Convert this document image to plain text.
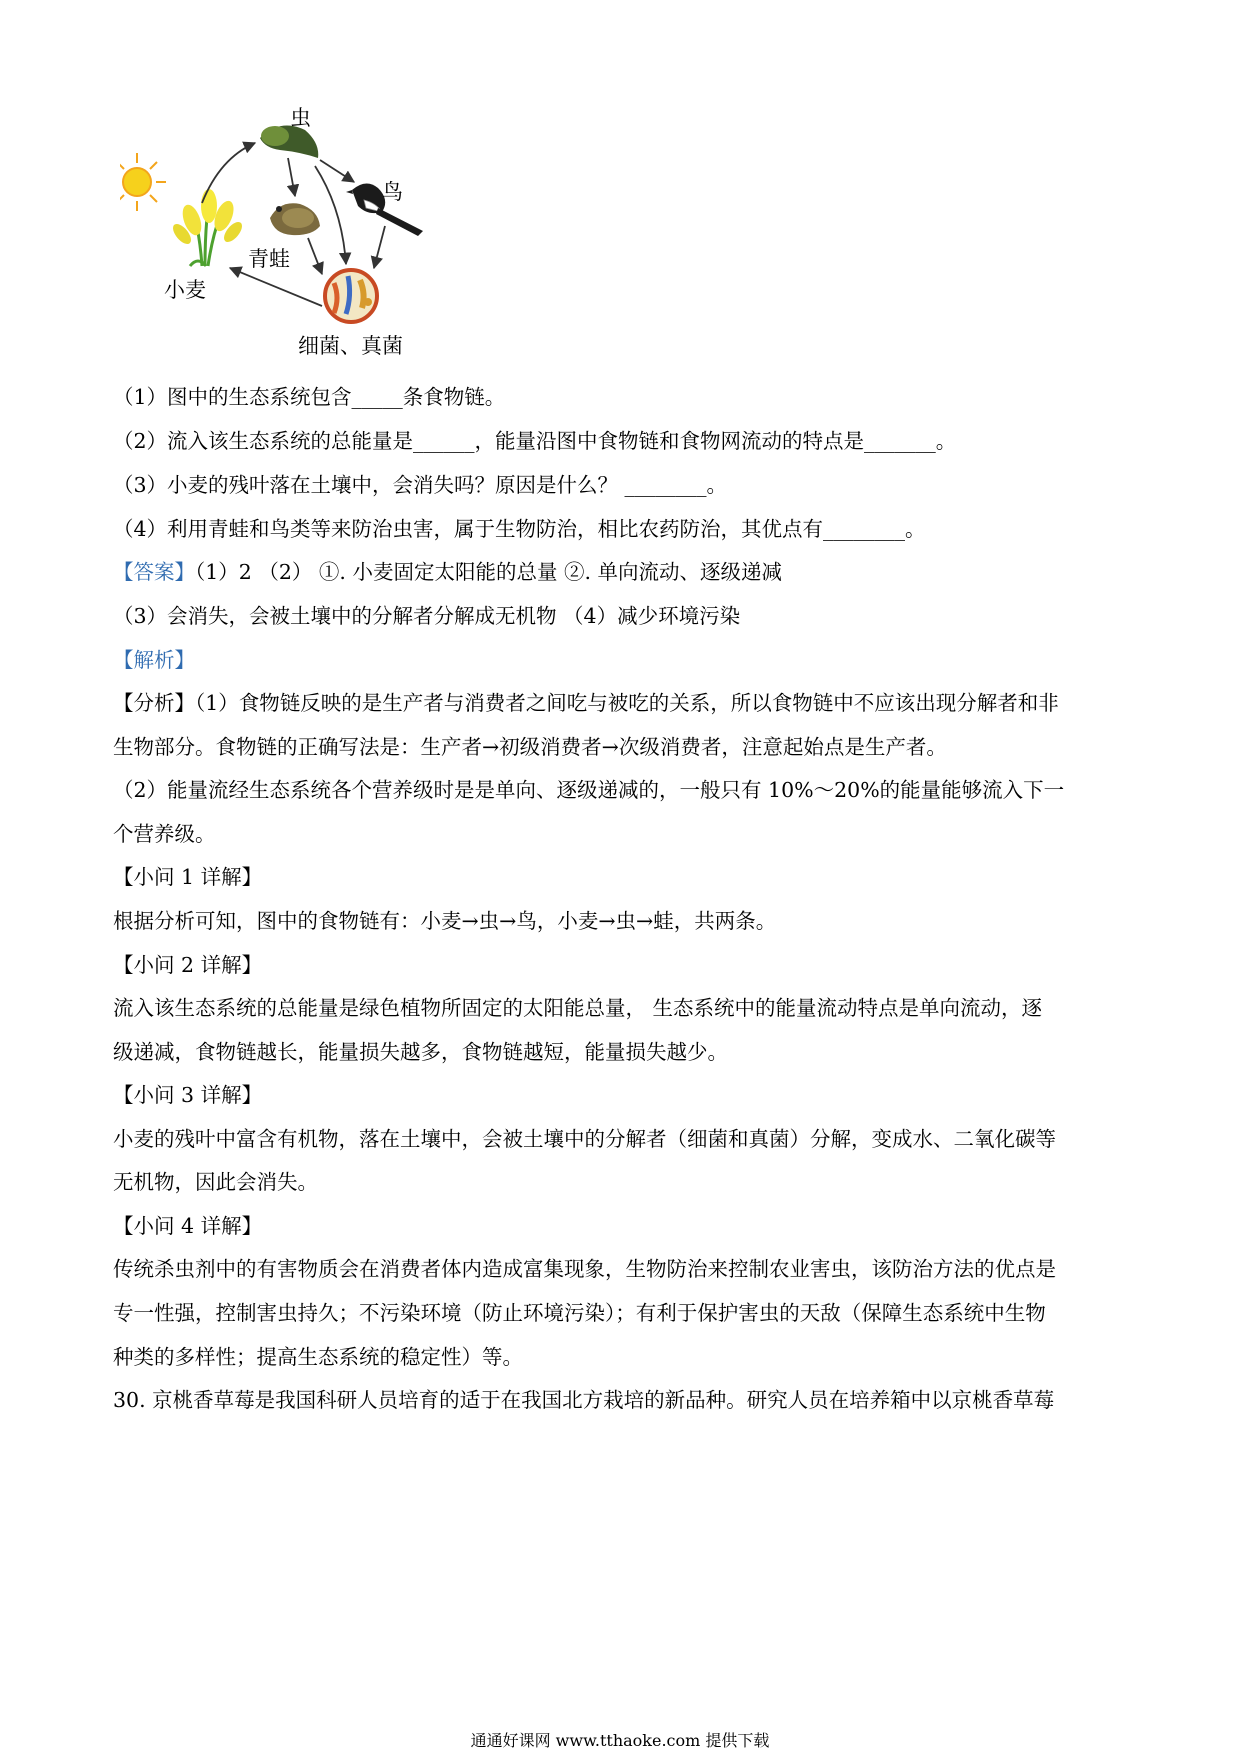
虫
鸟
青蛙
小麦
细菌、真菌
（1）图中的生态系统包含_____条食物链。
（2）流入该生态系统的总能量是______，能量沿图中食物链和食物网流动的特点是_______。
（3）小麦的残叶落在土壤中，会消失吗？原因是什么？ ________。
（4）利用青蛙和鸟类等来防治虫害，属于生物防治，相比农药防治，其优点有________。
【答案】（1）2 （2） ①. 小麦固定太阳能的总量 ②. 单向流动、逐级递减
（3）会消失，会被土壤中的分解者分解成无机物 （4）减少环境污染
【解析】
【分析】（1）食物链反映的是生产者与消费者之间吃与被吃的关系，所以食物链中不应该出现分解者和非
生物部分。食物链的正确写法是：生产者→初级消费者→次级消费者，注意起始点是生产者。
（2）能量流经生态系统各个营养级时是是单向、逐级递减的，一般只有 10%～20%的能量能够流入下一
个营养级。
【小问 1 详解】
根据分析可知，图中的食物链有：小麦→虫→鸟，小麦→虫→蛙，共两条。
【小问 2 详解】
流入该生态系统的总能量是绿色植物所固定的太阳能总量， 生态系统中的能量流动特点是单向流动，逐
级递减，食物链越长，能量损失越多，食物链越短，能量损失越少。
【小问 3 详解】
小麦的残叶中富含有机物，落在土壤中，会被土壤中的分解者（细菌和真菌）分解，变成水、二氧化碳等
无机物，因此会消失。
【小问 4 详解】
传统杀虫剂中的有害物质会在消费者体内造成富集现象，生物防治来控制农业害虫，该防治方法的优点是
专一性强，控制害虫持久；不污染环境（防止环境污染）；有利于保护害虫的天敌（保障生态系统中生物
种类的多样性；提高生态系统的稳定性）等。
30. 京桃香草莓是我国科研人员培育的适于在我国北方栽培的新品种。研究人员在培养箱中以京桃香草莓
通通好课网 www.tthaoke.com 提供下载
